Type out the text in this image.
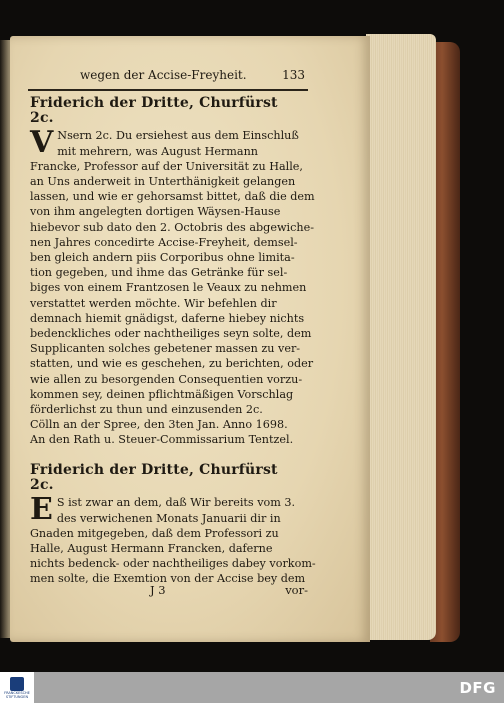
wegen der Accise-Freyheit.	133
Friderich der Dritte, Churfürst 2c.
V Nsern 2c. Du ersiehest aus dem Einschluß
mit mehrern, was August Hermann
Francke, Professor auf der Universität zu Halle,
an Uns anderweit in Unterthänigkeit gelangen
lassen, und wie er gehorsamst bittet, daß die dem
von ihm angelegten dortigen Wäysen-Hause
hiebevor sub dato den 2. Octobris des abgewiche-
nen Jahres concedirte Accise-Freyheit, demsel-
ben gleich andern piis Corporibus ohne limita-
tion gegeben, und ihme das Getränke für sel-
biges von einem Frantzosen le Veaux zu nehmen
verstattet werden möchte. Wir befehlen dir
demnach hiemit gnädigst, daferne hiebey nichts
bedenckliches oder nachtheiliges seyn solte, dem
Supplicanten solches gebetener massen zu ver-
statten, und wie es geschehen, zu berichten, oder
wie allen zu besorgenden Consequentien vorzu-
kommen sey, deinen pflichtmäßigen Vorschlag
förderlichst zu thun und einzusenden 2c.

Cölln an der Spree, den 3ten Jan. Anno 1698.

An den Rath u. Steuer-Commissarium Tentzel.

Friderich der Dritte, Churfürst 2c.
E S ist zwar an dem, daß Wir bereits vom 3.
des verwichenen Monats Januarii dir in
Gnaden mitgegeben, daß dem Professori zu
Halle, August Hermann Francken, daferne
nichts bedenck- oder nachtheiliges dabey vorkom-
men solte, die Exemtion von der Accise bey dem
J 3	vor-
FRANCKESCHE STIFTUNGEN	DFG
